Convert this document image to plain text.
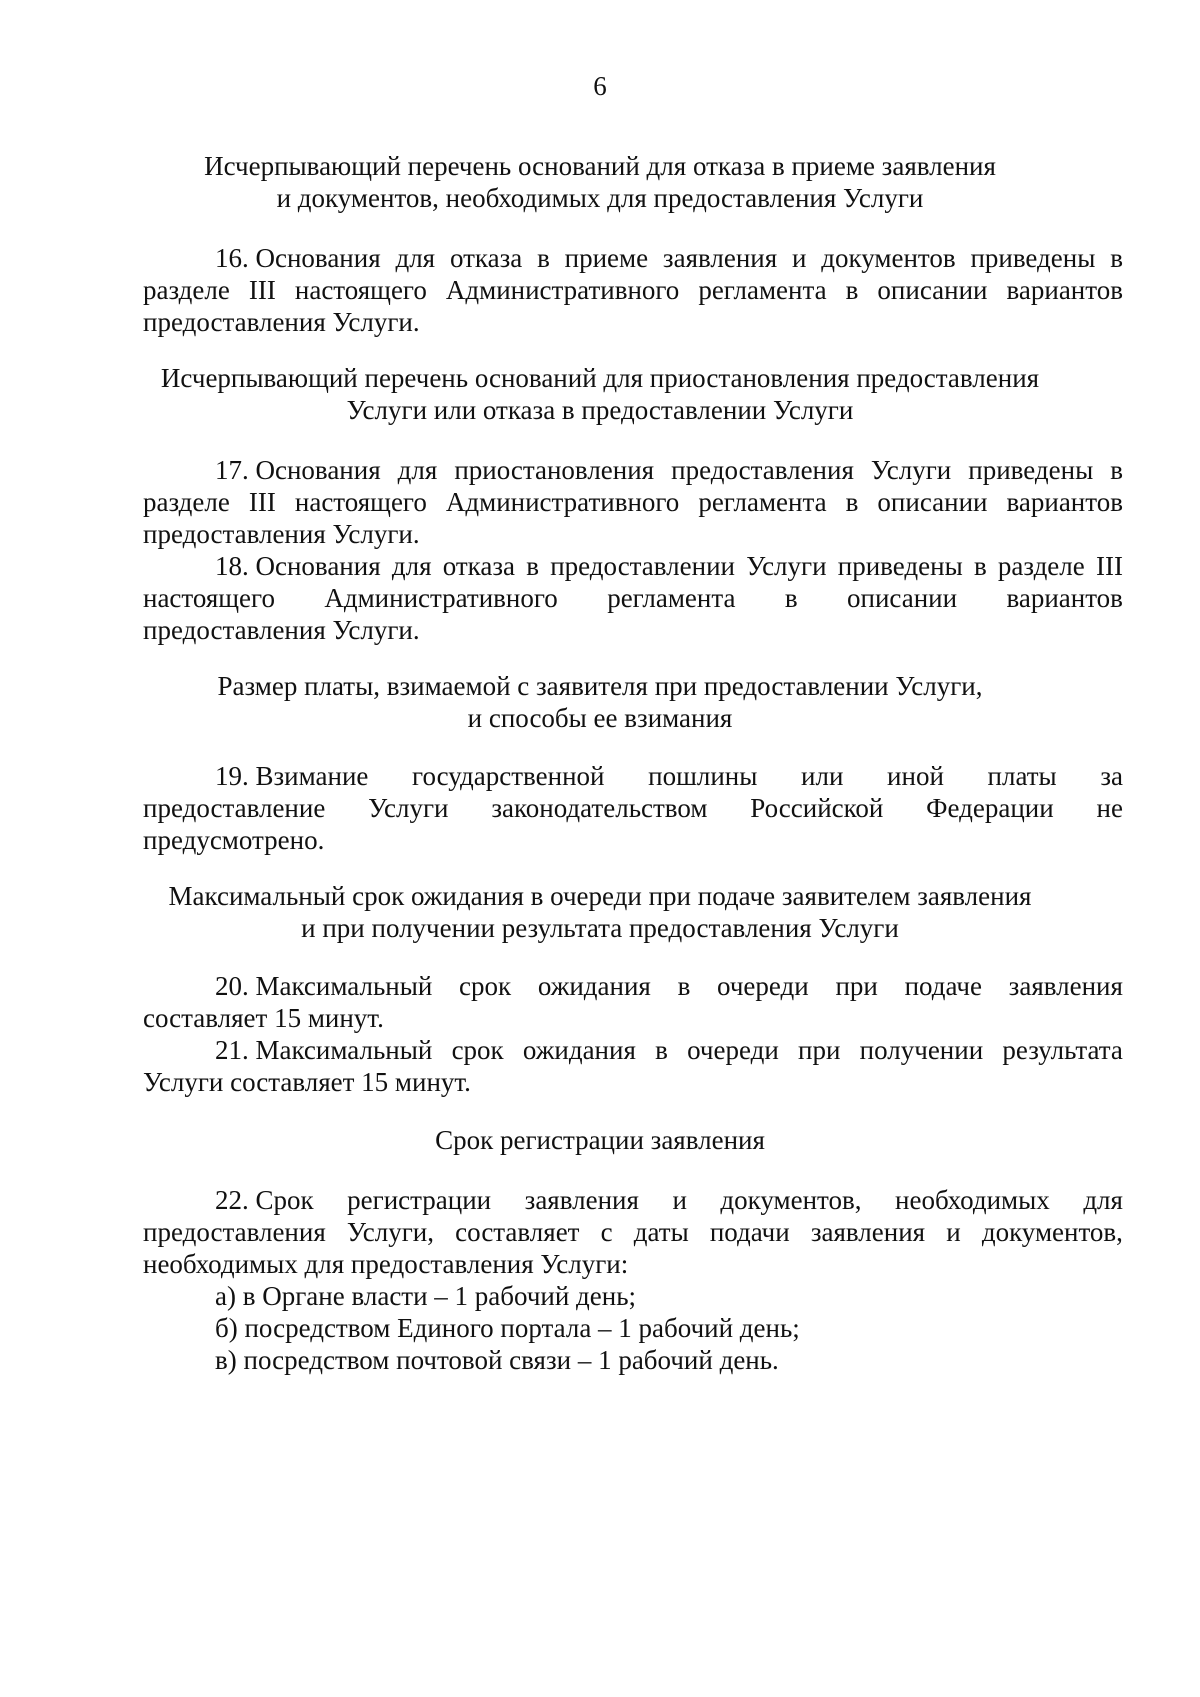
6
Исчерпывающий перечень оснований для отказа в приеме заявления
и документов, необходимых для предоставления Услуги
16. Основания для отказа в приеме заявления и документов приведены в
разделе III настоящего Административного регламента в описании вариантов
предоставления Услуги.
Исчерпывающий перечень оснований для приостановления предоставления
Услуги или отказа в предоставлении Услуги
17. Основания для приостановления предоставления Услуги приведены в
разделе III настоящего Административного регламента в описании вариантов
предоставления Услуги.
18. Основания для отказа в предоставлении Услуги приведены в разделе III
настоящего Административного регламента в описании вариантов
предоставления Услуги.
Размер платы, взимаемой с заявителя при предоставлении Услуги,
и способы ее взимания
19. Взимание государственной пошлины или иной платы за
предоставление Услуги законодательством Российской Федерации не
предусмотрено.
Максимальный срок ожидания в очереди при подаче заявителем заявления
и при получении результата предоставления Услуги
20. Максимальный срок ожидания в очереди при подаче заявления
составляет 15 минут.
21. Максимальный срок ожидания в очереди при получении результата
Услуги составляет 15 минут.
Срок регистрации заявления
22. Срок регистрации заявления и документов, необходимых для
предоставления Услуги, составляет с даты подачи заявления и документов,
необходимых для предоставления Услуги:
а) в Органе власти – 1 рабочий день;
б) посредством Единого портала – 1 рабочий день;
в) посредством почтовой связи – 1 рабочий день.
